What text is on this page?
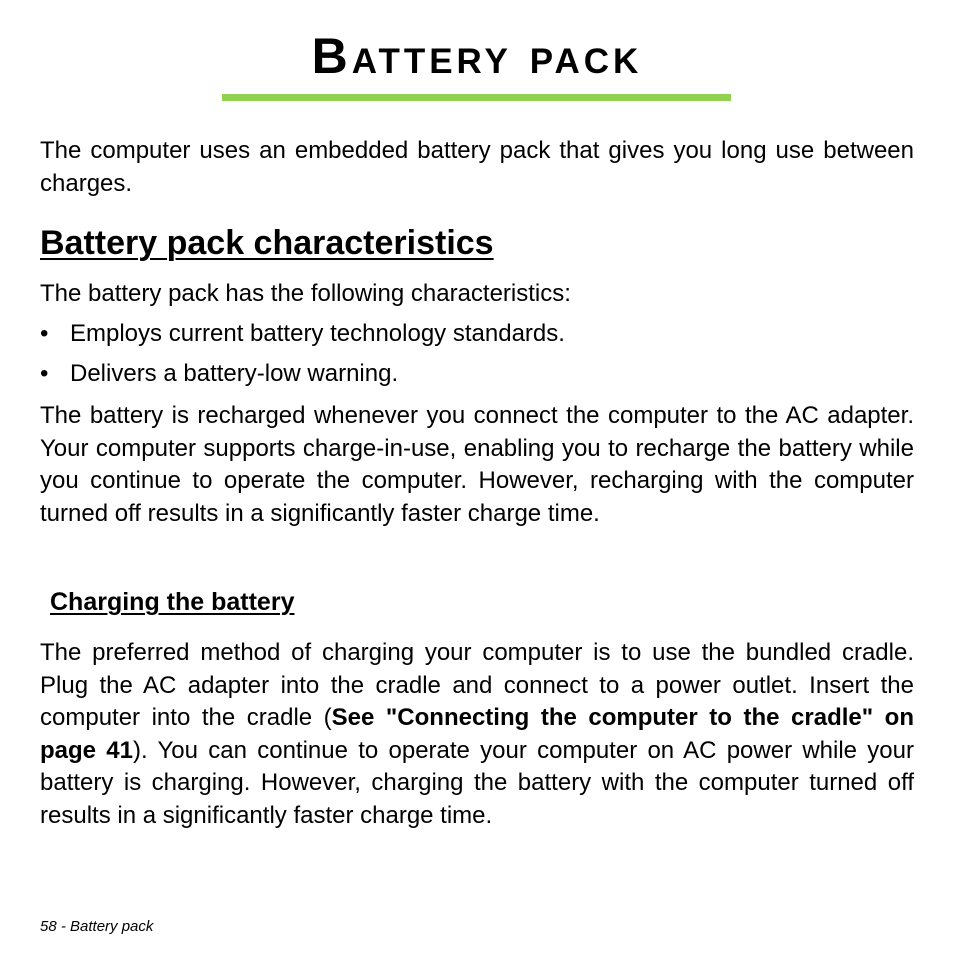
Battery pack

The computer uses an embedded battery pack that gives you long use between charges.

Battery pack characteristics

The battery pack has the following characteristics:

• Employs current battery technology standards.
• Delivers a battery-low warning.

The battery is recharged whenever you connect the computer to the AC adapter. Your computer supports charge-in-use, enabling you to recharge the battery while you continue to operate the computer. However, recharging with the computer turned off results in a significantly faster charge time.

Charging the battery

The preferred method of charging your computer is to use the bundled cradle. Plug the AC adapter into the cradle and connect to a power outlet. Insert the computer into the cradle (See "Connecting the computer to the cradle" on page 41). You can continue to operate your computer on AC power while your battery is charging. However, charging the battery with the computer turned off results in a significantly faster charge time.

58 - Battery pack
